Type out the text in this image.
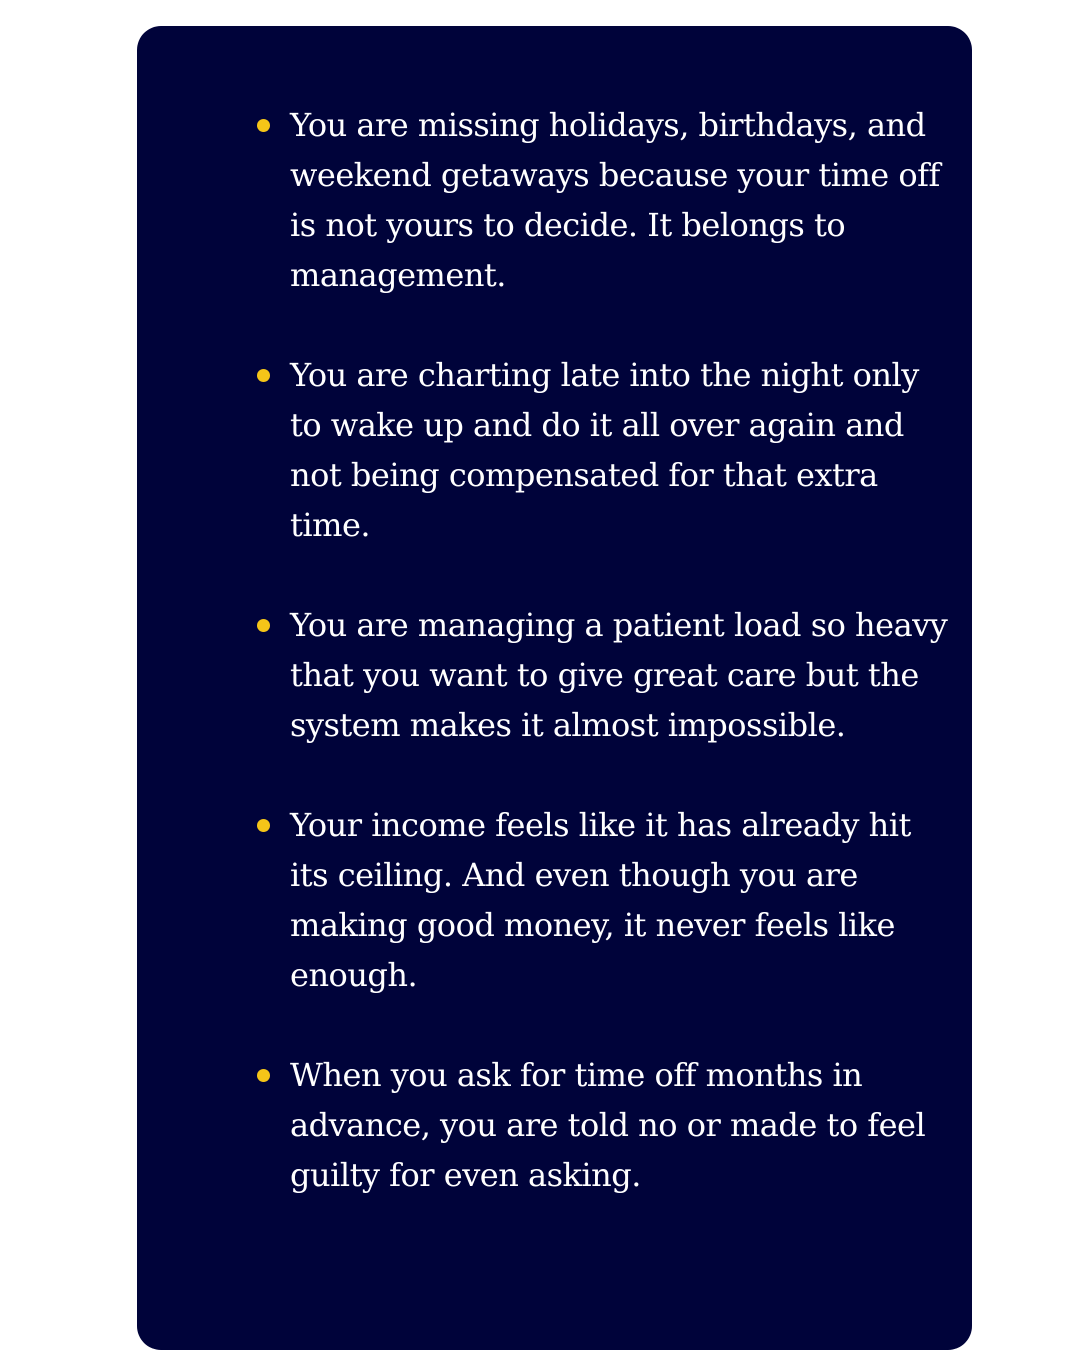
You are missing holidays, birthdays, and weekend getaways because your time off is not yours to decide. It belongs to management.
You are charting late into the night only to wake up and do it all over again and not being compensated for that extra time.
You are managing a patient load so heavy that you want to give great care but the system makes it almost impossible.
Your income feels like it has already hit its ceiling. And even though you are making good money, it never feels like enough.
When you ask for time off months in advance, you are told no or made to feel guilty for even asking.
